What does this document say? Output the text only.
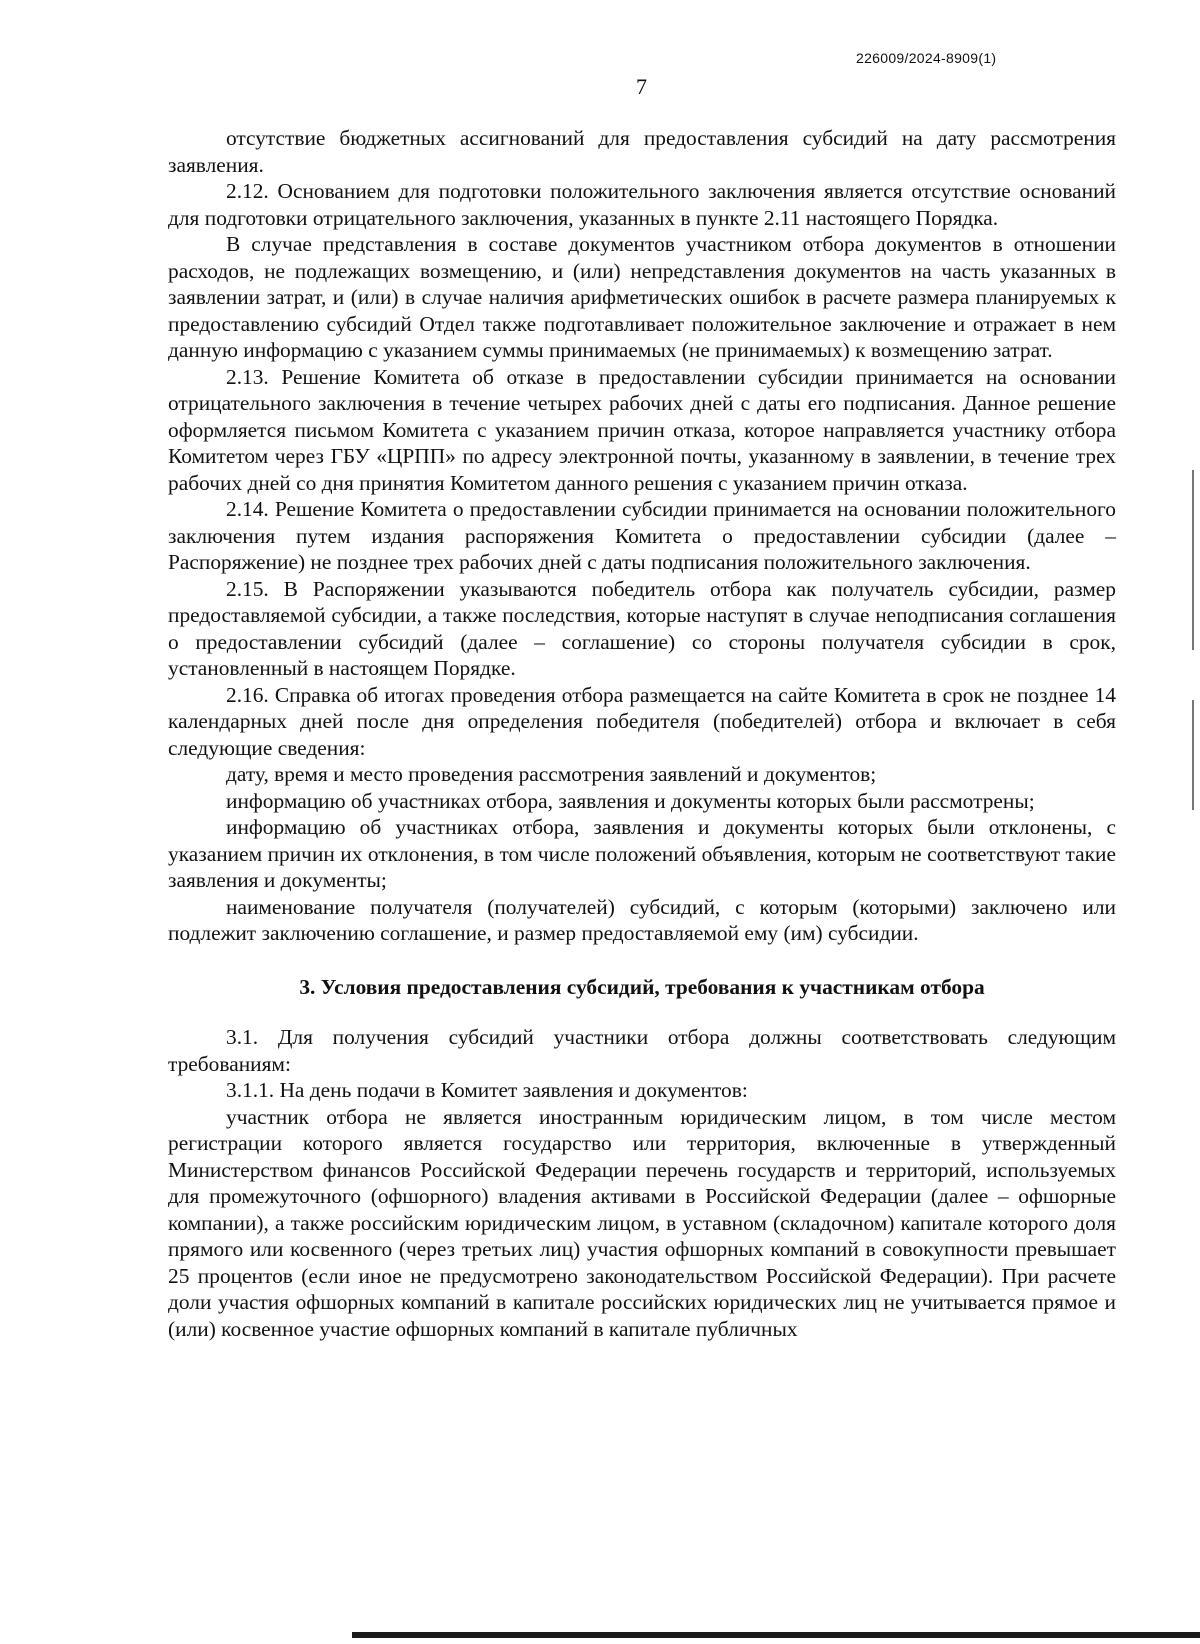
226009/2024-8909(1)
7

отсутствие бюджетных ассигнований для предоставления субсидий на дату рассмотрения заявления.

2.12. Основанием для подготовки положительного заключения является отсутствие оснований для подготовки отрицательного заключения, указанных в пункте 2.11 настоящего Порядка.

В случае представления в составе документов участником отбора документов в отношении расходов, не подлежащих возмещению, и (или) непредставления документов на часть указанных в заявлении затрат, и (или) в случае наличия арифметических ошибок в расчете размера планируемых к предоставлению субсидий Отдел также подготавливает положительное заключение и отражает в нем данную информацию с указанием суммы принимаемых (не принимаемых) к возмещению затрат.

2.13. Решение Комитета об отказе в предоставлении субсидии принимается на основании отрицательного заключения в течение четырех рабочих дней с даты его подписания. Данное решение оформляется письмом Комитета с указанием причин отказа, которое направляется участнику отбора Комитетом через ГБУ «ЦРПП» по адресу электронной почты, указанному в заявлении, в течение трех рабочих дней со дня принятия Комитетом данного решения с указанием причин отказа.

2.14. Решение Комитета о предоставлении субсидии принимается на основании положительного заключения путем издания распоряжения Комитета о предоставлении субсидии (далее – Распоряжение) не позднее трех рабочих дней с даты подписания положительного заключения.

2.15. В Распоряжении указываются победитель отбора как получатель субсидии, размер предоставляемой субсидии, а также последствия, которые наступят в случае неподписания соглашения о предоставлении субсидий (далее – соглашение) со стороны получателя субсидии в срок, установленный в настоящем Порядке.

2.16. Справка об итогах проведения отбора размещается на сайте Комитета в срок не позднее 14 календарных дней после дня определения победителя (победителей) отбора и включает в себя следующие сведения:

дату, время и место проведения рассмотрения заявлений и документов;

информацию об участниках отбора, заявления и документы которых были рассмотрены;

информацию об участниках отбора, заявления и документы которых были отклонены, с указанием причин их отклонения, в том числе положений объявления, которым не соответствуют такие заявления и документы;

наименование получателя (получателей) субсидий, с которым (которыми) заключено или подлежит заключению соглашение, и размер предоставляемой ему (им) субсидии.

3. Условия предоставления субсидий, требования к участникам отбора

3.1. Для получения субсидий участники отбора должны соответствовать следующим требованиям:

3.1.1. На день подачи в Комитет заявления и документов:

участник отбора не является иностранным юридическим лицом, в том числе местом регистрации которого является государство или территория, включенные в утвержденный Министерством финансов Российской Федерации перечень государств и территорий, используемых для промежуточного (офшорного) владения активами в Российской Федерации (далее – офшорные компании), а также российским юридическим лицом, в уставном (складочном) капитале которого доля прямого или косвенного (через третьих лиц) участия офшорных компаний в совокупности превышает 25 процентов (если иное не предусмотрено законодательством Российской Федерации). При расчете доли участия офшорных компаний в капитале российских юридических лиц не учитывается прямое и (или) косвенное участие офшорных компаний в капитале публичных
